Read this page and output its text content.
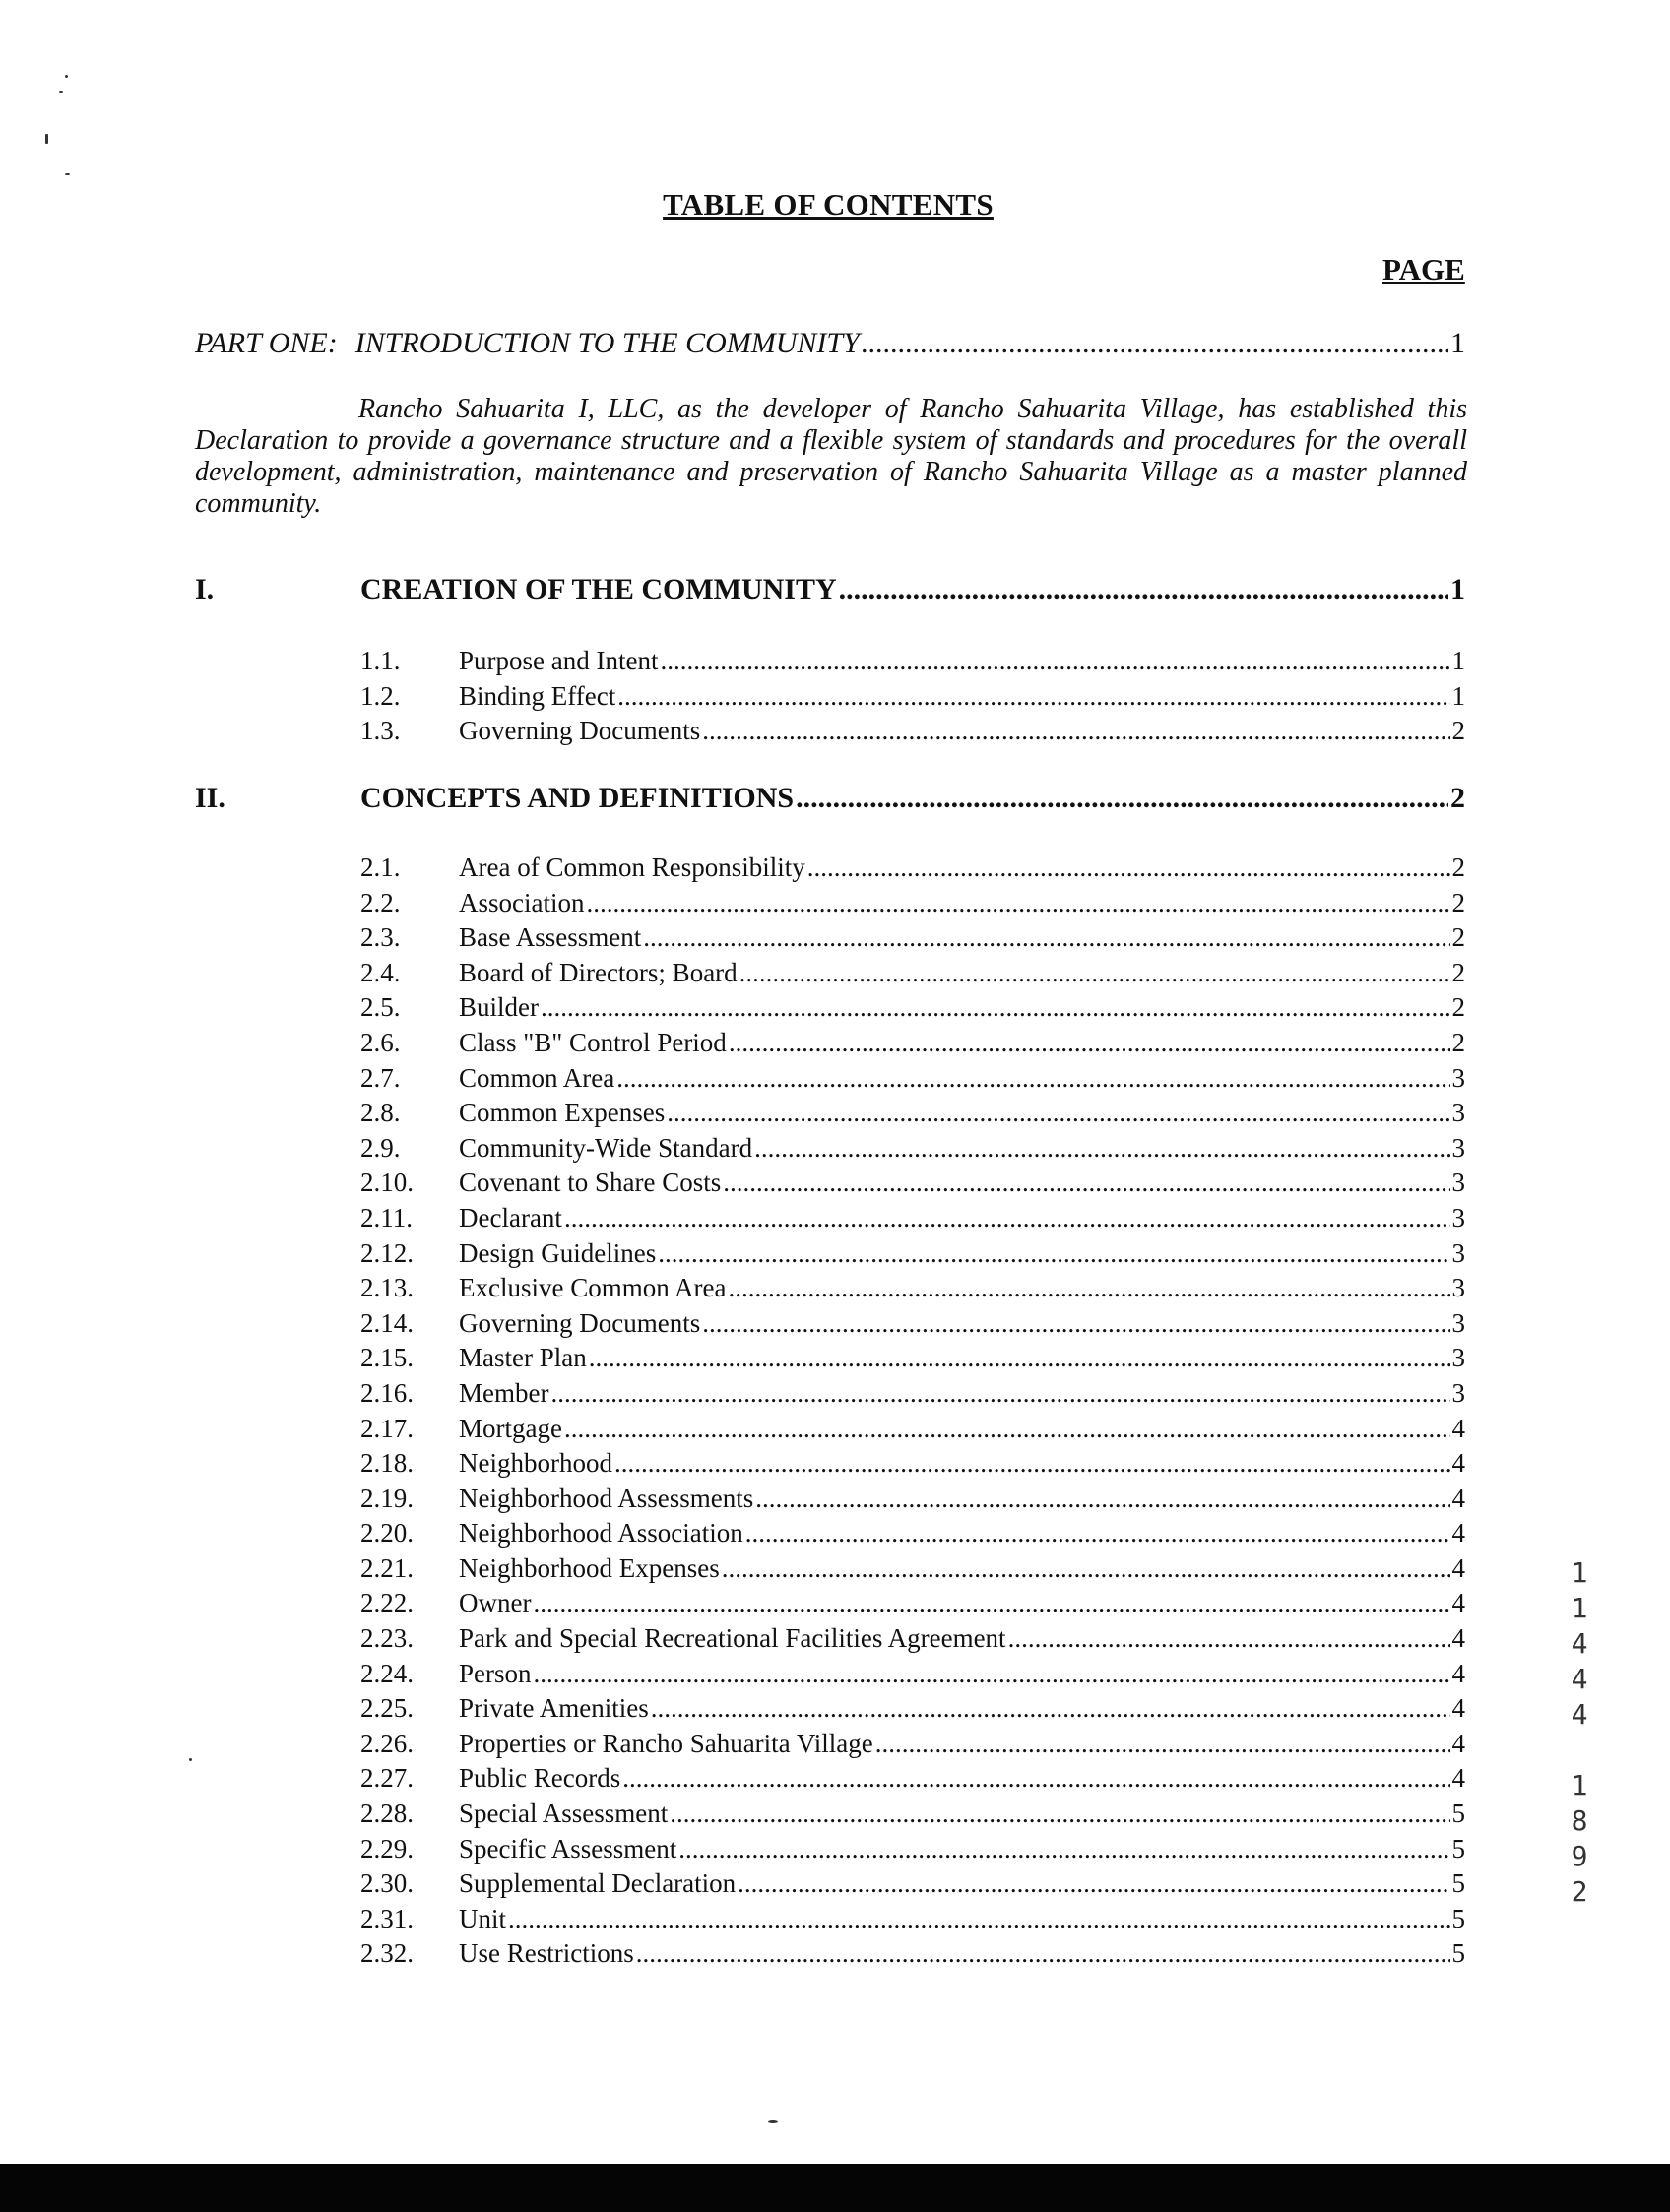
TABLE OF CONTENTS
PAGE
PART ONE: INTRODUCTION TO THE COMMUNITY .....	1

Rancho Sahuarita I, LLC, as the developer of Rancho Sahuarita Village, has established this Declaration to provide a governance structure and a flexible system of standards and procedures for the overall development, administration, maintenance and preservation of Rancho Sahuarita Village as a master planned community.

I.	CREATION OF THE COMMUNITY .....	1
1.1.	Purpose and Intent .....	1
1.2.	Binding Effect .....	1
1.3.	Governing Documents .....	2
II.	CONCEPTS AND DEFINITIONS .....	2
2.1.	Area of Common Responsibility .....	2
2.2.	Association .....	2
2.3.	Base Assessment .....	2
2.4.	Board of Directors; Board .....	2
2.5.	Builder .....	2
2.6.	Class "B" Control Period .....	2
2.7.	Common Area .....	3
2.8.	Common Expenses .....	3
2.9.	Community-Wide Standard .....	3
2.10.	Covenant to Share Costs .....	3
2.11.	Declarant .....	3
2.12.	Design Guidelines .....	3
2.13.	Exclusive Common Area .....	3
2.14.	Governing Documents .....	3
2.15.	Master Plan .....	3
2.16.	Member .....	3
2.17.	Mortgage .....	4
2.18.	Neighborhood .....	4
2.19.	Neighborhood Assessments .....	4
2.20.	Neighborhood Association .....	4
2.21.	Neighborhood Expenses .....	4
2.22.	Owner .....	4
2.23.	Park and Special Recreational Facilities Agreement .....	4
2.24.	Person .....	4
2.25.	Private Amenities .....	4
2.26.	Properties or Rancho Sahuarita Village .....	4
2.27.	Public Records .....	4
2.28.	Special Assessment .....	5
2.29.	Specific Assessment .....	5
2.30.	Supplemental Declaration .....	5
2.31.	Unit .....	5
2.32.	Use Restrictions .....	5
1
1
4
4
4
1
8
9
2
